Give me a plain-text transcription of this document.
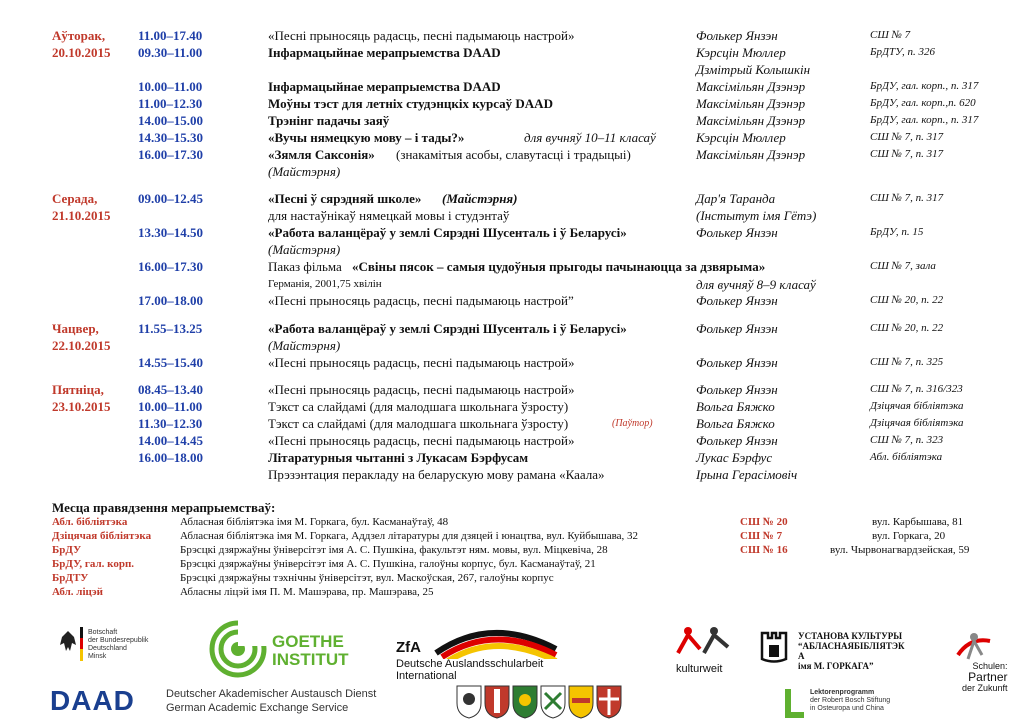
Аўторак,	11.00–17.40	«Песні прыносяць радасць, песні падымаюць настрой»	Фолькер Янзэн	СШ № 7
20.10.2015 09.30–11.00	Інфармацыйнае мерапрыемства DAAD	Кэрсцін Мюллер	БрДТУ, п. 326
Дзмітрый Колышкін
10.00–11.00	Інфармацыйнае мерапрыемства DAAD	Максімільян Дзэнэр	БрДУ, гал. корп., п. 317
11.00–12.30	Моўны тэст для летніх студэнцкіх курсаў DAAD	Максімільян Дзэнэр	БрДУ, гал. корп.,п. 620
14.00–15.00	Трэнінг падачы заяў	Максімільян Дзэнэр	БрДУ, гал. корп., п. 317
14.30–15.30	«Вучы нямецкую мову – і тады?»	для вучняў 10–11 класаў	Кэрсцін Мюллер	СШ № 7, п. 317
16.00–17.30	«Зямля Саксонія» (знакамітыя асобы, славутасці і традыцыі)	Максімільян Дзэнэр	СШ № 7, п. 317
(Майстэрня)
Серада,	09.00–12.45	«Песні ў сярэдняй школе» (Майстэрня)	Дар'я Таранда	СШ № 7, п. 317
21.10.2015	для настаўнікаў нямецкай мовы і студэнтаў	(Інстытут імя Гётэ)
13.30–14.50	«Работа валанцёраў у землі Сярэдні Шусенталь і ў Беларусі»	Фолькер Янзэн	БрДУ, п. 15
(Майстэрня)
16.00–17.30	Паказ фільма «Свіны пясок – самыя цудоўныя прыгоды пачынаюцца за дзвярыма»	СШ № 7, зала
Германія, 2001,75 хвілін	для вучняў 8–9 класаў
17.00–18.00	«Песні прыносяць радасць, песні падымаюць настрой”	Фолькер Янзэн	СШ № 20, п. 22
Чацвер,	11.55–13.25	«Работа валанцёраў у землі Сярэдні Шусенталь і ў Беларусі»	Фолькер Янзэн	СШ № 20, п. 22
22.10.2015	(Майстэрня)
14.55–15.40	«Песні прыносяць радасць, песні падымаюць настрой»	Фолькер Янзэн	СШ № 7, п. 325
Пятніца,	08.45–13.40	«Песні прыносяць радасць, песні падымаюць настрой»	Фолькер Янзэн	СШ № 7, п. 316/323
23.10.2015 10.00–11.00	Тэкст са слайдамі (для малодшага школьнага ўзросту)	Вольга Бяжко	Дзіцячая бібліятэка
11.30–12.30	Тэкст са слайдамі (для малодшага школьнага ўзросту)	(Паўтор)	Вольга Бяжко	Дзіцячая бібліятэка
14.00–14.45	«Песні прыносяць радасць, песні падымаюць настрой»	Фолькер Янзэн	СШ № 7, п. 323
16.00–18.00	Літаратурныя чытанні з Лукасам Бэрфусам	Лукас Бэрфус	Абл. бібліятэка
Прэзэнтация перакладу на беларускую мову рамана «Каала»	Ірына Герасімовіч
Месца правядзення мерапрыемстваў:
Абл. бібліятэка	Абласная бібліятэка імя М. Горкага, бул. Касманаўтаў, 48
Дзіцячая бібліятэка	Абласная бібліятэка імя М. Горкага, Аддзел літаратуры для дзяцей і юнацтва, вул. Куйбышава, 32
БрДУ	Брэсцкі дзяржаўны ўніверсітэт імя А. С. Пушкіна, факультэт ням. мовы, вул. Міцкевіча, 28
БрДУ, гал. корп.	Брэсцкі дзяржаўны ўніверсітэт імя А. С. Пушкіна, галоўны корпус, бул. Касманаўтаў, 21
БрДТУ	Брэсцкі дзяржаўны тэхнічны ўніверсітэт, вул. Маскоўская, 267, галоўны корпус
Абл. ліцэй	Абласны ліцэй імя П. М. Машэрава, пр. Машэрава, 25
СШ № 20	вул. Карбышава, 81
СШ № 7	вул. Горкага, 20
СШ № 16	вул. Чырвонагвардзейская, 59
Botschaft
der Bundesrepublik Deutschland
Minsk
GOETHE
INSTITUT
ZfA
Deutsche Auslandsschularbeit
International
DAAD	Deutscher Akademischer Austausch Dienst
German Academic Exchange Service
kulturweit
УСТАНОВА КУЛЬТУРЫ
“АБЛАСНАЯБІБЛІЯТЭК
А
імя М. ГОРКАГА”
Lektorenprogramm
der Robert Bosch Stiftung
in Osteuropa und China
Schulen:
Partner
der Zukunft
